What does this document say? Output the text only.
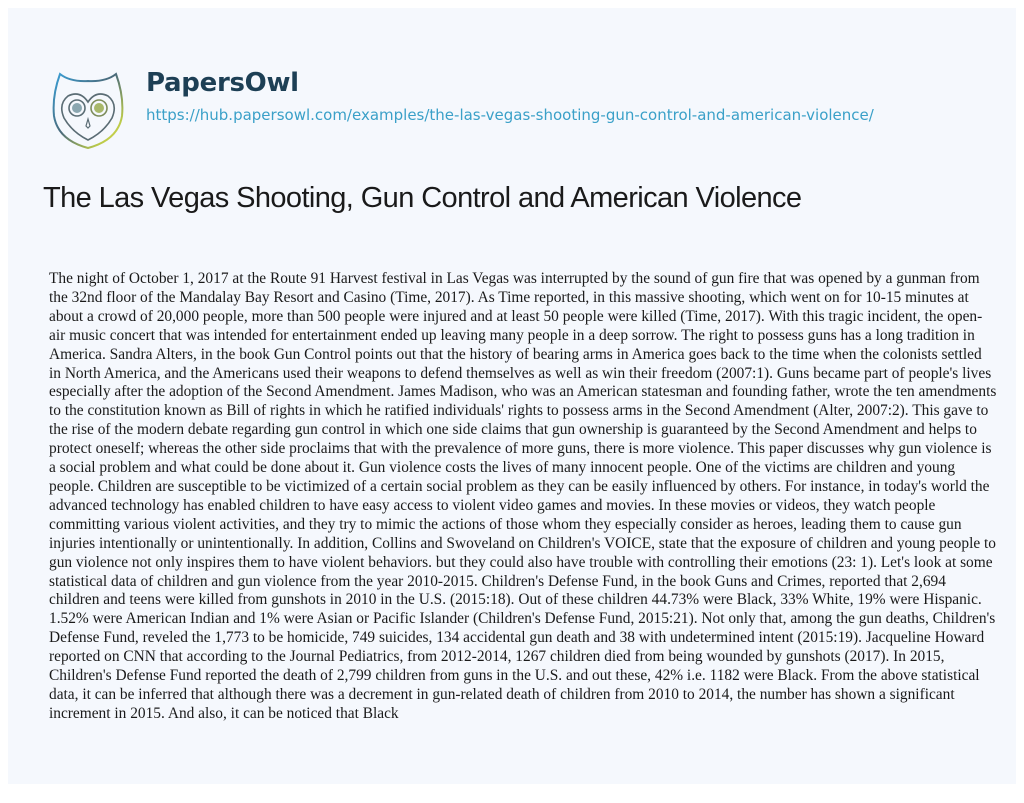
PapersOwl
https://hub.papersowl.com/examples/the-las-vegas-shooting-gun-control-and-american-violence/
The Las Vegas Shooting, Gun Control and American Violence

The night of October 1, 2017 at the Route 91 Harvest festival in Las Vegas was interrupted by the sound of gun fire that was opened by a gunman from the 32nd floor of the Mandalay Bay Resort and Casino (Time, 2017). As Time reported, in this massive shooting, which went on for 10-15 minutes at about a crowd of 20,000 people, more than 500 people were injured and at least 50 people were killed (Time, 2017). With this tragic incident, the open-air music concert that was intended for entertainment ended up leaving many people in a deep sorrow. The right to possess guns has a long tradition in America. Sandra Alters, in the book Gun Control points out that the history of bearing arms in America goes back to the time when the colonists settled in North America, and the Americans used their weapons to defend themselves as well as win their freedom (2007:1). Guns became part of people's lives especially after the adoption of the Second Amendment. James Madison, who was an American statesman and founding father, wrote the ten amendments to the constitution known as Bill of rights in which he ratified individuals' rights to possess arms in the Second Amendment (Alter, 2007:2). This gave to the rise of the modern debate regarding gun control in which one side claims that gun ownership is guaranteed by the Second Amendment and helps to protect oneself; whereas the other side proclaims that with the prevalence of more guns, there is more violence. This paper discusses why gun violence is a social problem and what could be done about it. Gun violence costs the lives of many innocent people. One of the victims are children and young people. Children are susceptible to be victimized of a certain social problem as they can be easily influenced by others. For instance, in today's world the advanced technology has enabled children to have easy access to violent video games and movies. In these movies or videos, they watch people committing various violent activities, and they try to mimic the actions of those whom they especially consider as heroes, leading them to cause gun injuries intentionally or unintentionally. In addition, Collins and Swoveland on Children's VOICE, state that the exposure of children and young people to gun violence not only inspires them to have violent behaviors. but they could also have trouble with controlling their emotions (23: 1). Let's look at some statistical data of children and gun violence from the year 2010-2015. Children's Defense Fund, in the book Guns and Crimes, reported that 2,694 children and teens were killed from gunshots in 2010 in the U.S. (2015:18). Out of these children 44.73% were Black, 33% White, 19% were Hispanic. 1.52% were American Indian and 1% were Asian or Pacific Islander (Children's Defense Fund, 2015:21). Not only that, among the gun deaths, Children's Defense Fund, reveled the 1,773 to be homicide, 749 suicides, 134 accidental gun death and 38 with undetermined intent (2015:19). Jacqueline Howard reported on CNN that according to the Journal Pediatrics, from 2012-2014, 1267 children died from being wounded by gunshots (2017). In 2015, Children's Defense Fund reported the death of 2,799 children from guns in the U.S. and out these, 42% i.e. 1182 were Black. From the above statistical data, it can be inferred that although there was a decrement in gun-related death of children from 2010 to 2014, the number has shown a significant increment in 2015. And also, it can be noticed that Black
